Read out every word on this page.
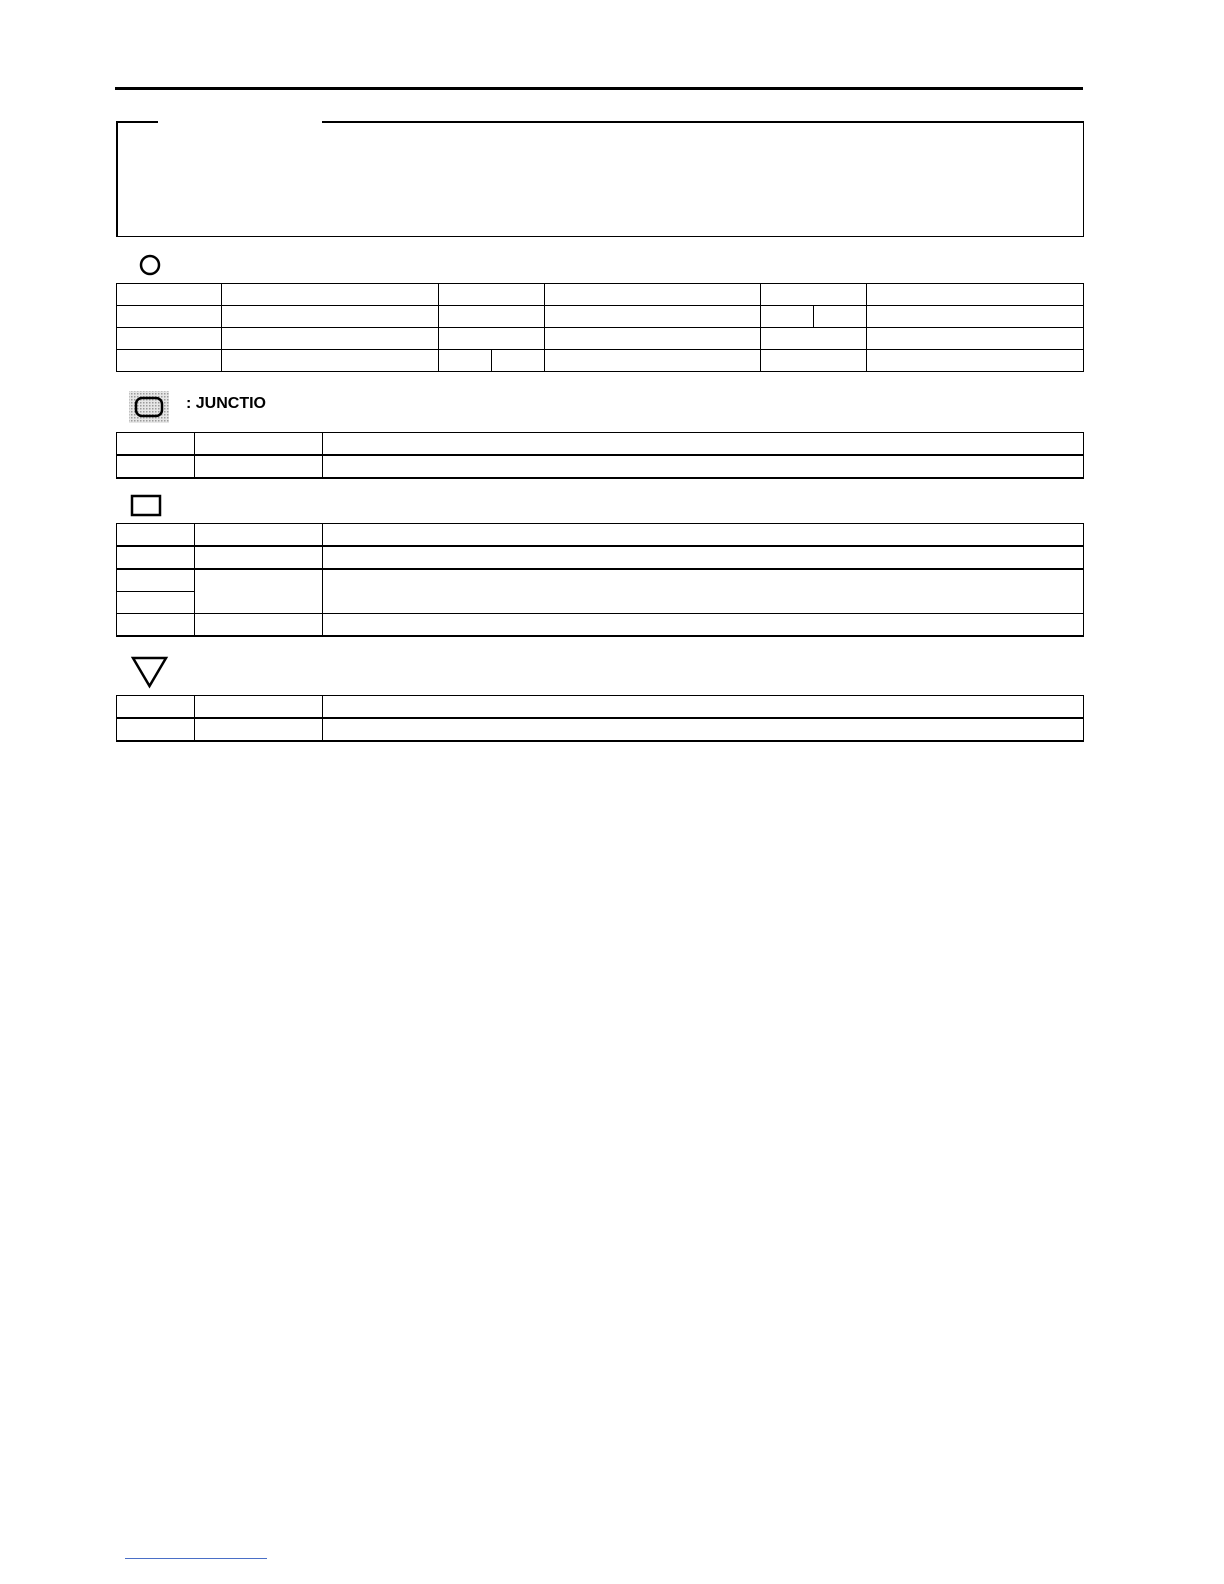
: JUNCTIO
